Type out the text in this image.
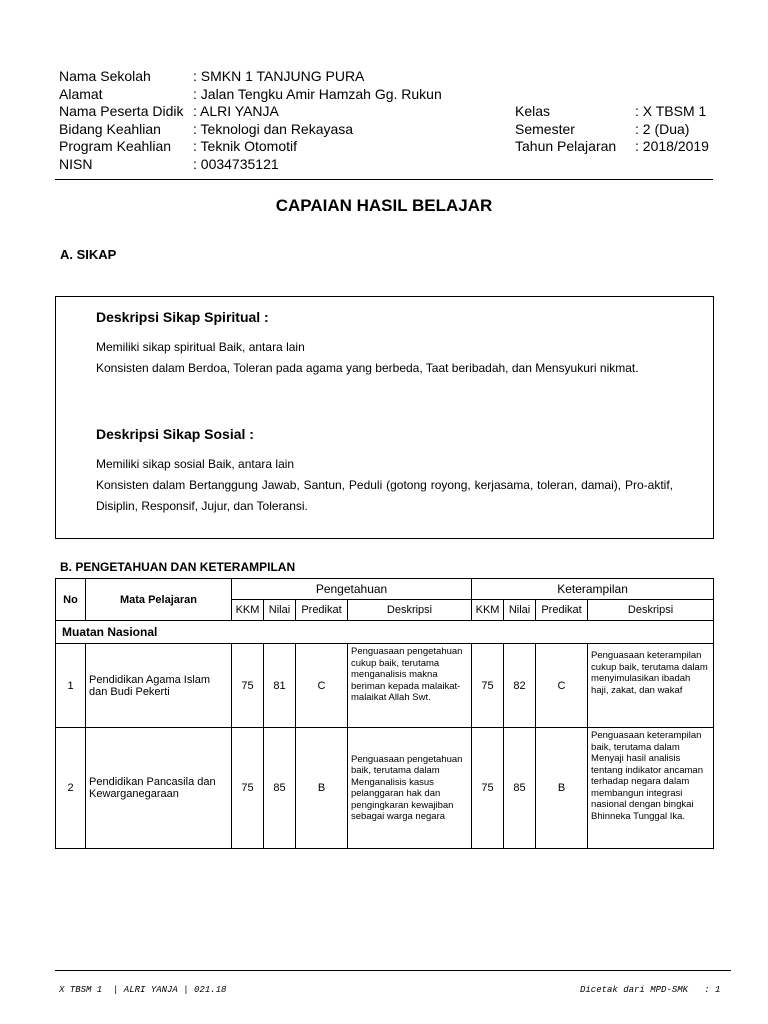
Nama Sekolah	: SMKN 1 TANJUNG PURA
Alamat	: Jalan Tengku Amir Hamzah Gg. Rukun
Nama Peserta Didik : ALRI YANJA
Bidang Keahlian : Teknologi dan Rekayasa
Program Keahlian : Teknik Otomotif
NISN	: 0034735121
Kelas	: X TBSM 1
Semester	: 2 (Dua)
Tahun Pelajaran : 2018/2019
CAPAIAN HASIL BELAJAR
A. SIKAP
Deskripsi Sikap Spiritual :

Memiliki sikap spiritual Baik, antara lain

Konsisten dalam Berdoa, Toleran pada agama yang berbeda, Taat beribadah, dan Mensyukuri nikmat.

Deskripsi Sikap Sosial :

Memiliki sikap sosial Baik, antara lain

Konsisten dalam Bertanggung Jawab, Santun, Peduli (gotong royong, kerjasama, toleran, damai), Pro-aktif, Disiplin, Responsif, Jujur, dan Toleransi.

B. PENGETAHUAN DAN KETERAMPILAN
No	Mata Pelajaran	Pengetahuan				Keterampilan			
		KKM	Nilai	Predikat	Deskripsi	KKM	Nilai	Predikat	Deskripsi
Muatan Nasional									
1	Pendidikan Agama Islam dan Budi Pekerti	75	81	C	Penguasaan pengetahuan cukup baik, terutama menganalisis makna beriman kepada malaikat-malaikat Allah Swt.	75	82	C	Penguasaan keterampilan cukup baik, terutama dalam menyimulasikan ibadah haji, zakat, dan wakaf
2	Pendidikan Pancasila dan Kewarganegaraan	75	85	B	Penguasaan pengetahuan baik, terutama dalam Menganalisis kasus pelanggaran hak dan pengingkaran kewajiban sebagai warga negara	75	85	B	Penguasaan keterampilan baik, terutama dalam Menyaji hasil analisis tentang indikator ancaman terhadap negara dalam membangun integrasi nasional dengan bingkai Bhinneka Tunggal Ika.
X TBSM 1  | ALRI YANJA | 021.18	Dicetak dari MPD-SMK   : 1
